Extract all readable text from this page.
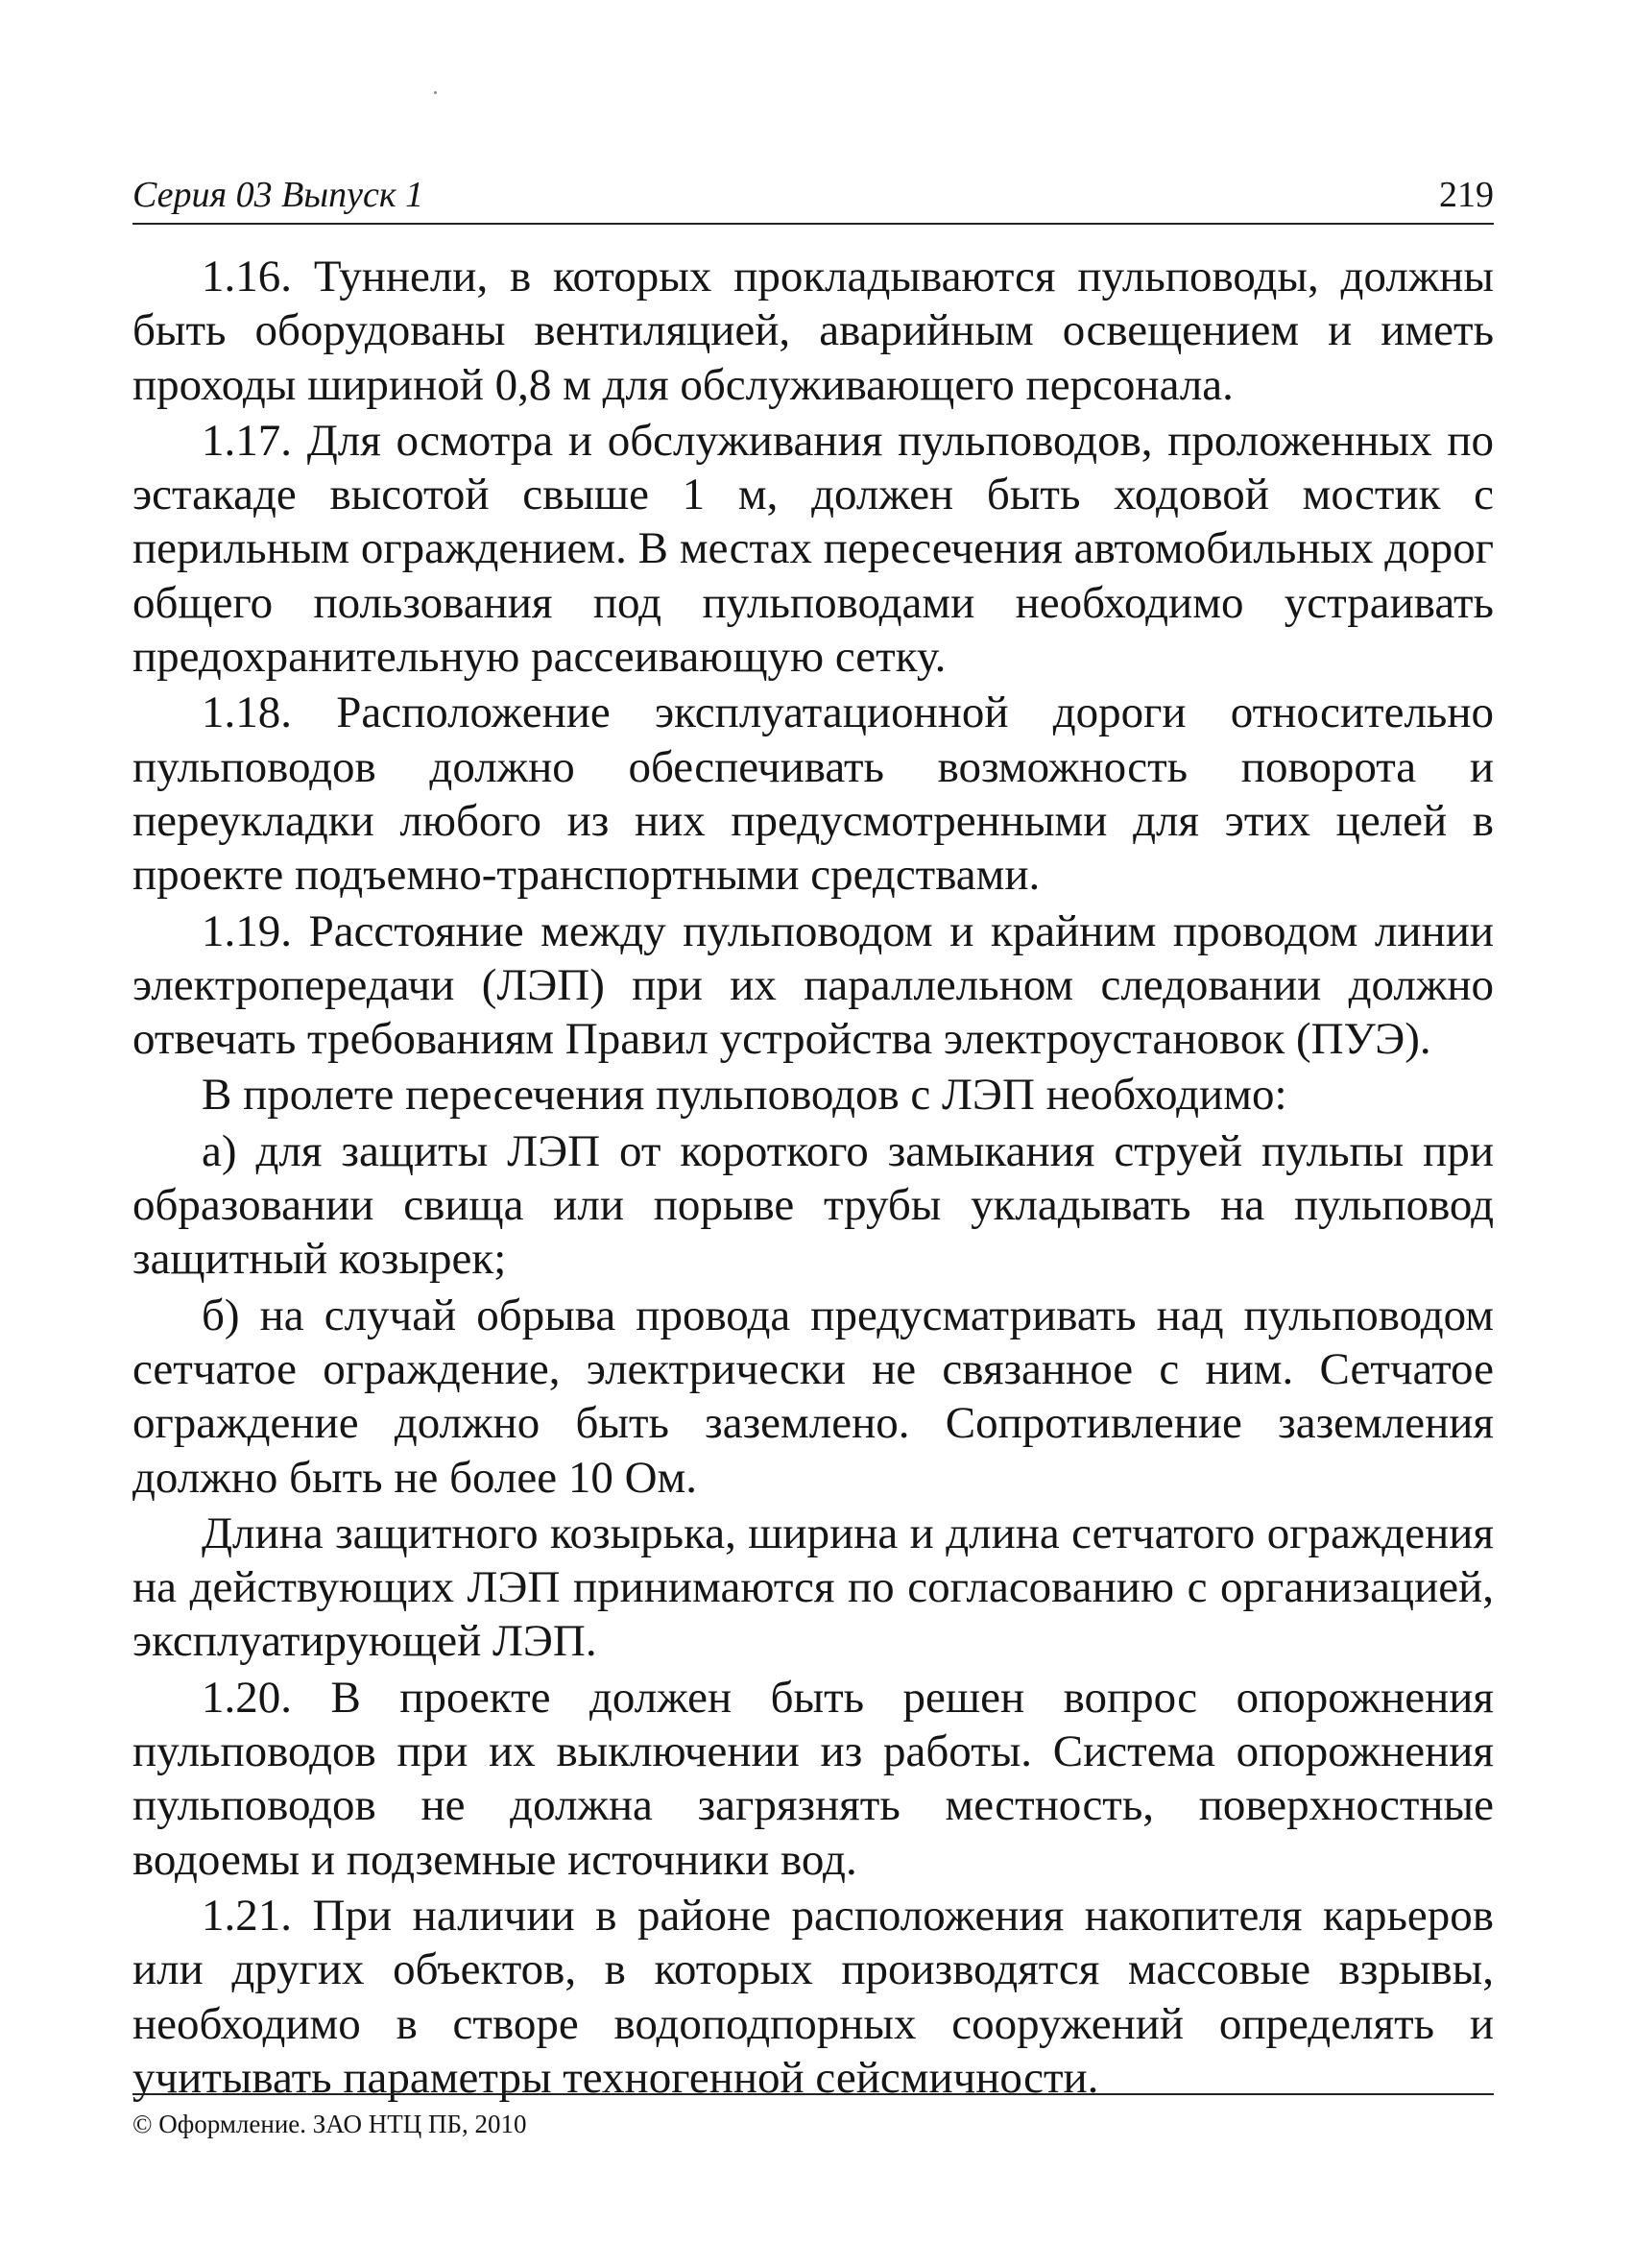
Серия 03 Выпуск 1	219

1.16. Туннели, в которых прокладываются пульповоды, должны быть оборудованы вентиляцией, аварийным освещением и иметь проходы шириной 0,8 м для обслуживающего персонала.

1.17. Для осмотра и обслуживания пульповодов, проложенных по эстакаде высотой свыше 1 м, должен быть ходовой мостик с перильным ограждением. В местах пересечения автомобильных дорог общего пользования под пульповодами необходимо устраивать предохранительную рассеивающую сетку.

1.18. Расположение эксплуатационной дороги относительно пульповодов должно обеспечивать возможность поворота и переукладки любого из них предусмотренными для этих целей в проекте подъемно-транспортными средствами.

1.19. Расстояние между пульповодом и крайним проводом линии электропередачи (ЛЭП) при их параллельном следовании должно отвечать требованиям Правил устройства электроустановок (ПУЭ).

В пролете пересечения пульповодов с ЛЭП необходимо:

а) для защиты ЛЭП от короткого замыкания струей пульпы при образовании свища или порыве трубы укладывать на пульповод защитный козырек;

б) на случай обрыва провода предусматривать над пульповодом сетчатое ограждение, электрически не связанное с ним. Сетчатое ограждение должно быть заземлено. Сопротивление заземления должно быть не более 10 Ом.

Длина защитного козырька, ширина и длина сетчатого ограждения на действующих ЛЭП принимаются по согласованию с организацией, эксплуатирующей ЛЭП.

1.20. В проекте должен быть решен вопрос опорожнения пульповодов при их выключении из работы. Система опорожнения пульповодов не должна загрязнять местность, поверхностные водоемы и подземные источники вод.

1.21. При наличии в районе расположения накопителя карьеров или других объектов, в которых производятся массовые взрывы, необходимо в створе водоподпорных сооружений определять и учитывать параметры техногенной сейсмичности.

© Оформление. ЗАО НТЦ ПБ, 2010
